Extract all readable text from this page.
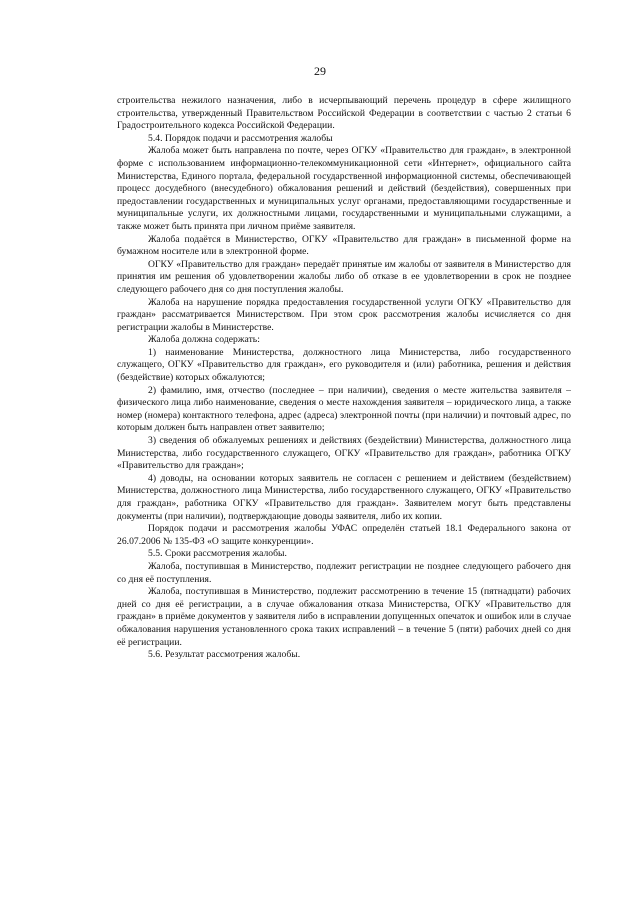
29

строительства нежилого назначения, либо в исчерпывающий перечень процедур в сфере жилищного строительства, утвержденный Правительством Российской Федерации в соответствии с частью 2 статьи 6 Градостроительного кодекса Российской Федерации.

5.4. Порядок подачи и рассмотрения жалобы

Жалоба может быть направлена по почте, через ОГКУ «Правительство для граждан», в электронной форме с использованием информационно-телекоммуникационной сети «Интернет», официального сайта Министерства, Единого портала, федеральной государственной информационной системы, обеспечивающей процесс досудебного (внесудебного) обжалования решений и действий (бездействия), совершенных при предоставлении государственных и муниципальных услуг органами, предоставляющими государственные и муниципальные услуги, их должностными лицами, государственными и муниципальными служащими, а также может быть принята при личном приёме заявителя.

Жалоба подаётся в Министерство, ОГКУ «Правительство для граждан» в письменной форме на бумажном носителе или в электронной форме.

ОГКУ «Правительство для граждан» передаёт принятые им жалобы от заявителя в Министерство для принятия им решения об удовлетворении жалобы либо об отказе в ее удовлетворении в срок не позднее следующего рабочего дня со дня поступления жалобы.

Жалоба на нарушение порядка предоставления государственной услуги ОГКУ «Правительство для граждан» рассматривается Министерством. При этом срок рассмотрения жалобы исчисляется со дня регистрации жалобы в Министерстве.

Жалоба должна содержать:

1) наименование Министерства, должностного лица Министерства, либо государственного служащего, ОГКУ «Правительство для граждан», его руководителя и (или) работника, решения и действия (бездействие) которых обжалуются;

2) фамилию, имя, отчество (последнее – при наличии), сведения о месте жительства заявителя – физического лица либо наименование, сведения о месте нахождения заявителя – юридического лица, а также номер (номера) контактного телефона, адрес (адреса) электронной почты (при наличии) и почтовый адрес, по которым должен быть направлен ответ заявителю;

3) сведения об обжалуемых решениях и действиях (бездействии) Министерства, должностного лица Министерства, либо государственного служащего, ОГКУ «Правительство для граждан», работника ОГКУ «Правительство для граждан»;

4) доводы, на основании которых заявитель не согласен с решением и действием (бездействием) Министерства, должностного лица Министерства, либо государственного служащего, ОГКУ «Правительство для граждан», работника ОГКУ «Правительство для граждан». Заявителем могут быть представлены документы (при наличии), подтверждающие доводы заявителя, либо их копии.

Порядок подачи и рассмотрения жалобы УФАС определён статьей 18.1 Федерального закона от 26.07.2006 № 135-ФЗ «О защите конкуренции».

5.5. Сроки рассмотрения жалобы.

Жалоба, поступившая в Министерство, подлежит регистрации не позднее следующего рабочего дня со дня её поступления.

Жалоба, поступившая в Министерство, подлежит рассмотрению в течение 15 (пятнадцати) рабочих дней со дня её регистрации, а в случае обжалования отказа Министерства, ОГКУ «Правительство для граждан» в приёме документов у заявителя либо в исправлении допущенных опечаток и ошибок или в случае обжалования нарушения установленного срока таких исправлений – в течение 5 (пяти) рабочих дней со дня её регистрации.

5.6. Результат рассмотрения жалобы.
